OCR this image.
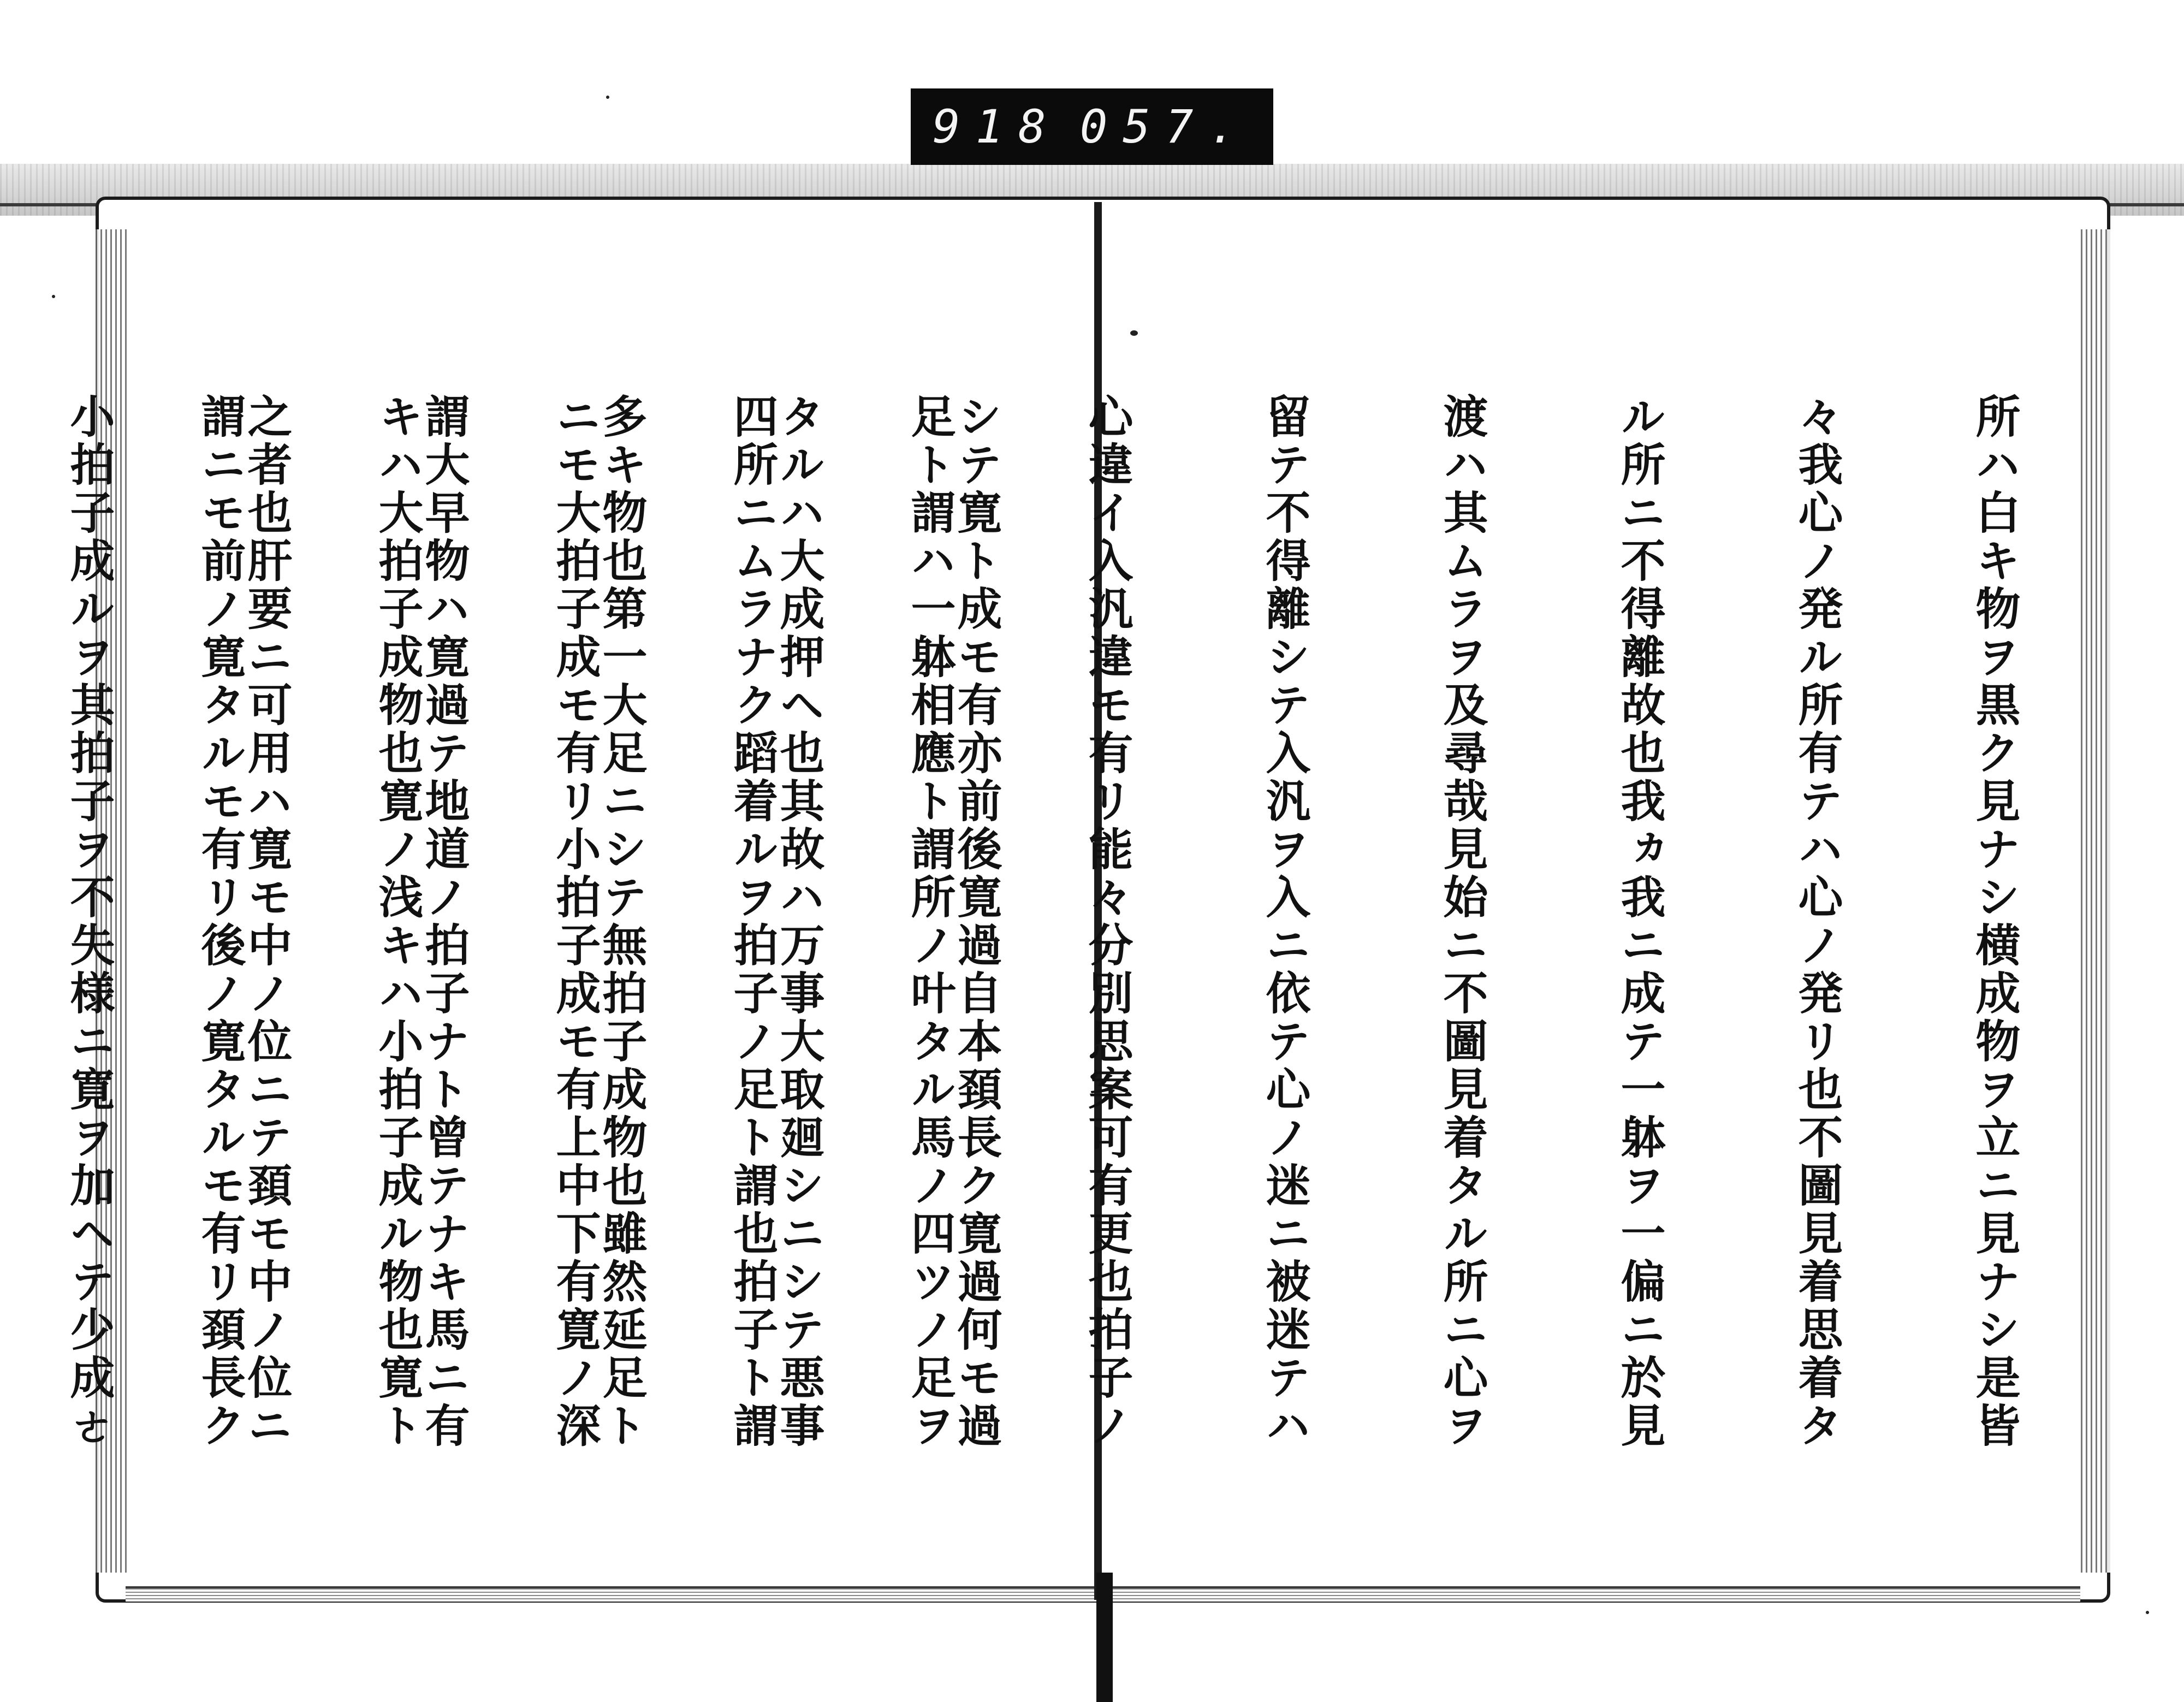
918 057.

所ハ白キ物ヲ黒ク見ナシ横成物ヲ立ニ見ナシ是皆

々我心ノ発ル所有テハ心ノ発リ也不圖見着思着タ

ル所ニ不得離故也我ヵ我ニ成テ一躰ヲ一偏ニ於見

渡ハ其ムラヲ及尋哉見始ニ不圖見着タル所ニ心ヲ

留テ不得離シテ入汎ヲ入ニ依テ心ノ迷ニ被迷テハ

心違イ入汎違モ有リ能々分別思案可有更也拍子ノ

足ト謂ハ一躰相應ト謂所ノ叶タル馬ノ四ツノ足ヲ

四所ニムラナク蹈着ルヲ拍子ノ足ト謂也拍子ト謂

ニモ大拍子成モ有リ小拍子成モ有上中下有寛ノ深

キハ大拍子成物也寛ノ浅キハ小拍子成ル物也寛ト

謂ニモ前ノ寛タルモ有リ後ノ寛タルモ有リ頚長ク	シテ寛ト成モ有亦前後寛過自本頚長ク寛過何モ過

タルハ大成押ヘ也其故ハ万事大取廻シニシテ悪事

多キ物也第一大足ニシテ無拍子成物也雖然延足ト

謂大早物ハ寛過テ地道ノ拍子ナト曾テナキ馬ニ有

之者也肝要ニ可用ハ寛モ中ノ位ニテ頚モ中ノ位ニ

小拍子成ルヲ其拍子ヲ不失様ニ寛ヲ加ヘテ少成ㄜ
